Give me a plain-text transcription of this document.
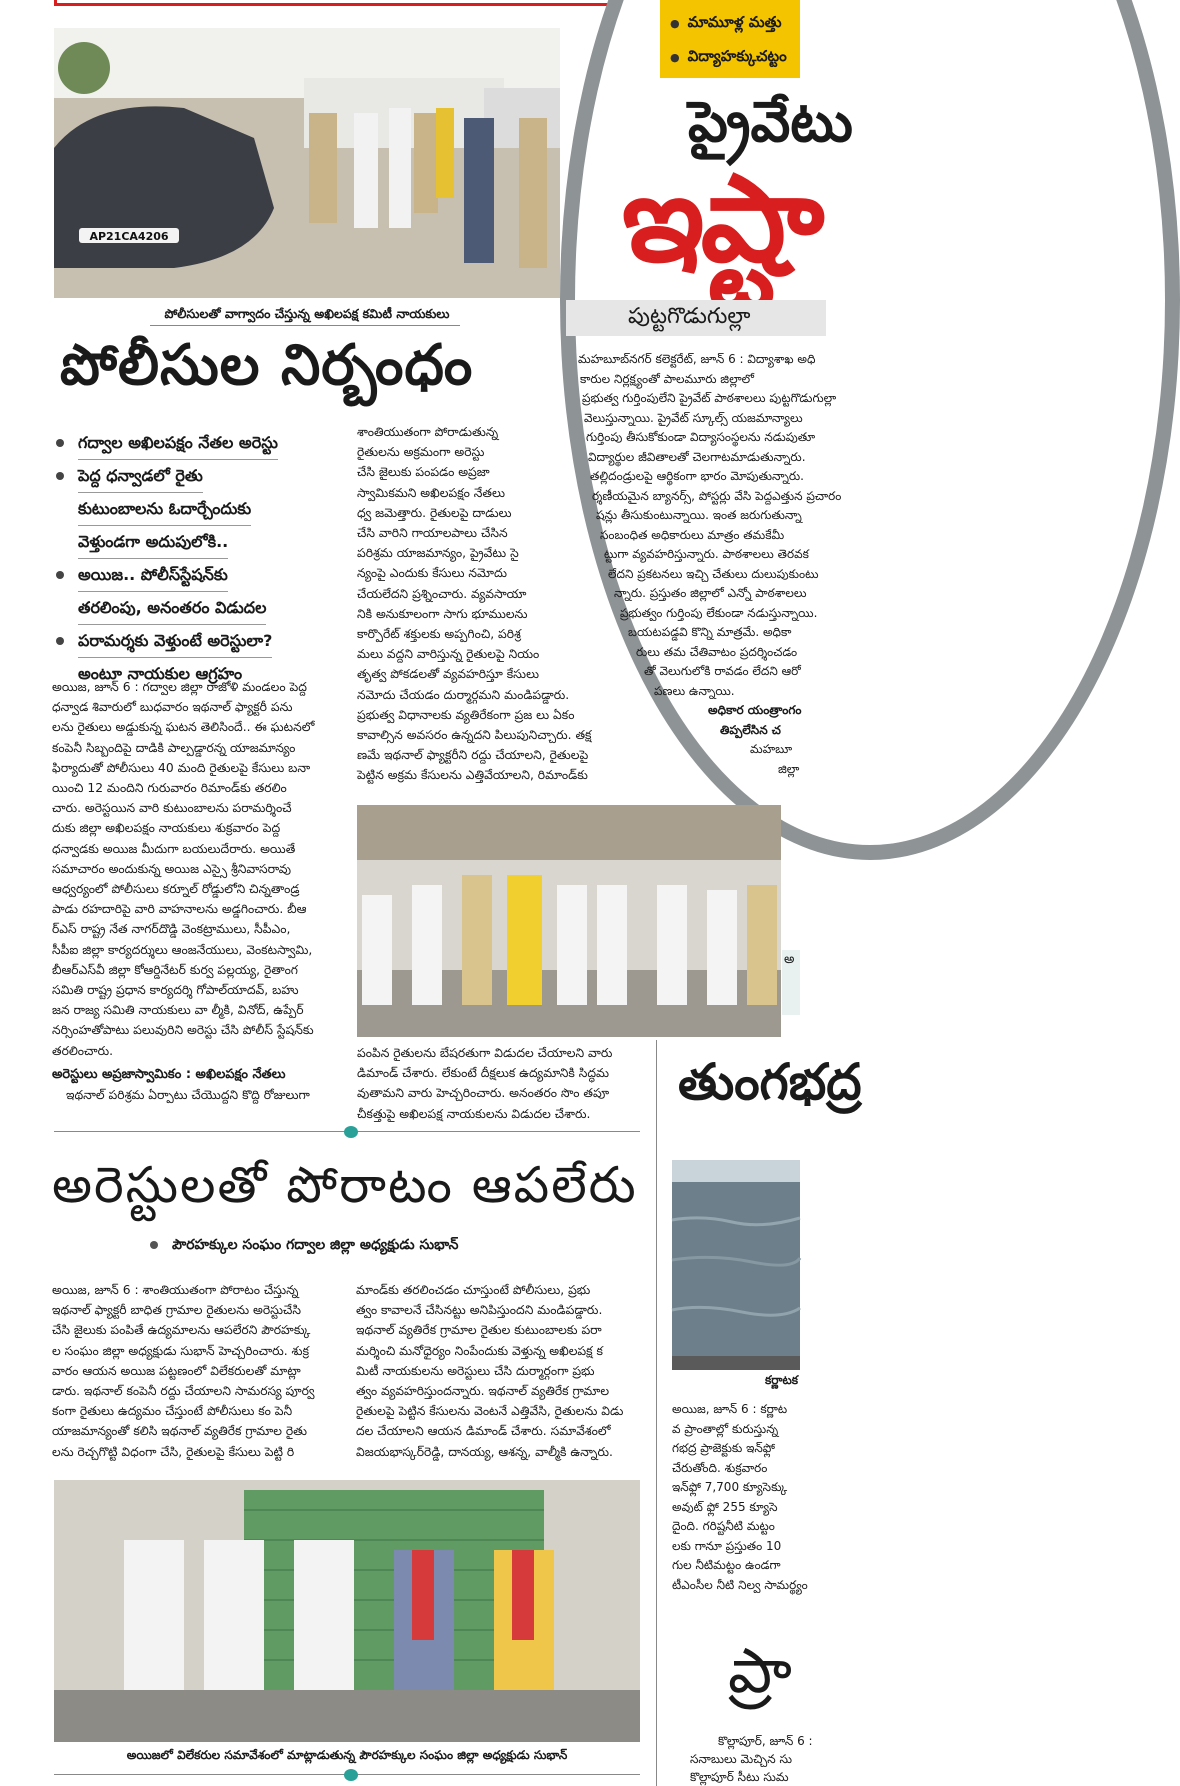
● మామూళ్ల మత్తు
● విద్యాహక్కుచట్టం
ప్రైవేటు
ఇష్టా
పుట్టగొడుగుల్లా
మహబూబ్‌నగర్‌ కలెక్టరేట్‌, జూన్‌ 6 : విద్యాశాఖ అధి
కారుల నిర్లక్ష్యంతో పాలమూరు జిల్లాలో
ప్రభుత్వ గుర్తింపులేని ప్రైవేట్‌ పాఠశాలలు పుట్టగొడుగుల్లా
వెలుస్తున్నాయి. ప్రైవేట్‌ స్కూల్స్‌ యజమాన్యాలు
గుర్తింపు తీసుకోకుండా విద్యాసంస్థలను నడుపుతూ
విద్యార్థుల జీవితాలతో చెలగాటమాడుతున్నారు.
తల్లిదండ్రులపై ఆర్థికంగా భారం మోపుతున్నారు.
ర్శణీయమైన బ్యానర్స్‌, పోస్టర్లు వేసి పెద్దఎత్తున ప్రచారం
షన్లు తీసుకుంటున్నాయి. ఇంత జరుగుతున్నా
సంబంధిత అధికారులు మాత్రం తమకేమీ
ట్టుగా వ్యవహరిస్తున్నారు. పాఠశాలలు తెరవక
లేదని ప్రకటనలు ఇచ్చి చేతులు దులుపుకుంటు
న్నారు. ప్రస్తుతం జిల్లాలో ఎన్నో పాఠశాలలు
ప్రభుత్వం గుర్తింపు లేకుండా నడుస్తున్నాయి.
బయటపడ్డవి కొన్ని మాత్రమే. అధికా
రులు తమ చేతివాటం ప్రదర్శించడం
తో వెలుగులోకి రావడం లేదని ఆరో
పణలు ఉన్నాయి.
అధికార యంత్రాంగం
తిప్పలేసిన చ
మహబూ
జిల్లా
అ
తుంగభద్ర
కర్ణాటక
అయిజ, జూన్‌ 6 : కర్ణాట
వ ప్రాంతాల్లో కురుస్తున్న
గభద్ర ప్రాజెక్టుకు ఇన్‌ఫ్లో
చేరుతోంది. శుక్రవారం
ఇన్‌ఫ్లో 7,700 క్యూసెక్కు
అవుట్‌ ఫ్లో 255 క్యూసె
దైంది. గరిష్టనీటి మట్టం
లకు గానూ ప్రస్తుతం 10
గుల నీటిమట్టం ఉండగా
టీఎంసీల నీటి నిల్వ సామర్థ్యం
ప్రా
కొల్లాపూర్‌, జూన్‌ 6 :
సనాబులు మెచ్చిన సు
కొల్లాపూర్‌ సీటు సుమ
AP21CA4206
పోలీసులతో వాగ్వాదం చేస్తున్న అఖిలపక్ష కమిటీ నాయకులు
పోలీసుల నిర్బంధం
గద్వాల అఖిలపక్షం నేతల అరెస్టు
పెద్ద ధన్వాడలో రైతు
కుటుంబాలను ఓదార్చేందుకు
వెళ్తుండగా అదుపులోకి..
అయిజ.. పోలీస్‌స్టేషన్‌కు
తరలింపు, అనంతరం విడుదల
పరామర్శకు వెళ్తుంటే అరెస్టులా?
అంటూ నాయకుల ఆగ్రహం
అయిజ, జూన్‌ 6 : గద్వాల జిల్లా రాజోళి మండలం పెద్ద
ధన్వాడ శివారులో బుధవారం ఇథనాల్‌ ఫ్యాక్టరీ పను
లను రైతులు అడ్డుకున్న ఘటన తెలిసిందే.. ఈ ఘటనలో
కంపెనీ సిబ్బందిపై దాడికి పాల్పడ్డారన్న యాజమాన్యం
ఫిర్యాదుతో పోలీసులు 40 మంది రైతులపై కేసులు బనా
యించి 12 మందిని గురువారం రిమాండ్‌కు తరలిం
చారు. అరెస్టయిన వారి కుటుంబాలను పరామర్శించే
దుకు జిల్లా అఖిలపక్షం నాయకులు శుక్రవారం పెద్ద
ధన్వాడకు అయిజ మీదుగా బయలుదేరారు. అయితే
సమాచారం అందుకున్న అయిజ ఎస్సై శ్రీనివాసరావు
ఆధ్వర్యంలో పోలీసులు కర్నూల్‌ రోడ్డులోని చిన్నతాండ్ర
పాడు రహదారిపై వారి వాహనాలను అడ్డగించారు. బీఆ
ర్‌ఎస్‌ రాష్ట్ర నేత నాగర్‌దొడ్డి వెంకట్రాములు, సీపీఎం,
సీపీఐ జిల్లా కార్యదర్శులు ఆంజనేయులు, వెంకటస్వామి,
బీఆర్‌ఎస్‌వీ జిల్లా కోఆర్డినేటర్‌ కుర్వ పల్లయ్య, రైతాంగ
సమితి రాష్ట్ర ప్రధాన కార్యదర్శి గోపాల్‌యాదవ్‌, బహు
జన రాజ్య సమితి నాయకులు వా ల్మీకి, వినోద్‌, ఉప్పేర్‌
నర్సింహతోపాటు పలువురిని అరెస్టు చేసి పోలీస్‌ స్టేషన్‌కు
తరలించారు.
అరెస్టులు అప్రజాస్వామికం : అఖిలపక్షం నేతలు
ఇథనాల్‌ పరిశ్రమ ఏర్పాటు చేయొద్దని కొద్ది రోజులుగా
శాంతియుతంగా పోరాడుతున్న
రైతులను అక్రమంగా అరెస్టు
చేసి జైలుకు పంపడం అప్రజా
స్వామికమని అఖిలపక్షం నేతలు
ధ్వ జమెత్తారు. రైతులపై దాడులు
చేసి వారిని గాయాలపాలు చేసిన
పరిశ్రమ యాజమాన్యం, ప్రైవేటు సై
న్యంపై ఎందుకు కేసులు నమోదు
చేయలేదని ప్రశ్నించారు. వ్యవసాయా
నికి అనుకూలంగా సాగు భూములను
కార్పొరేట్‌ శక్తులకు అప్పగించి, పరిశ్ర
మలు వద్దని వారిస్తున్న రైతులపై నియం
తృత్వ పోకడలతో వ్యవహరిస్తూ కేసులు
నమోదు చేయడం దుర్మార్గమని మండిపడ్డారు.
ప్రభుత్వ విధానాలకు వ్యతిరేకంగా ప్రజ లు ఏకం
కావాల్సిన అవసరం ఉన్నదని పిలుపునిచ్చారు. తక్ష
ణమే ఇథనాల్‌ ఫ్యాక్టరీని రద్దు చేయాలని, రైతులపై
పెట్టిన అక్రమ కేసులను ఎత్తివేయాలని, రిమాండ్‌కు
పంపిన రైతులను బేషరతుగా విడుదల చేయాలని వారు
డిమాండ్‌ చేశారు. లేకుంటే దీక్షలుక ఉద్యమానికి సిద్ధమ
వుతామని వారు హెచ్చరించారు. అనంతరం సొం తపూ
చీకత్తుపై అఖిలపక్ష నాయకులను విడుదల చేశారు.
అరెస్టులతో పోరాటం ఆపలేరు
పౌరహక్కుల సంఘం గద్వాల జిల్లా అధ్యక్షుడు సుభాన్‌
అయిజ, జూన్‌ 6 : శాంతియుతంగా పోరాటం చేస్తున్న
ఇథనాల్‌ ఫ్యాక్టరీ బాధిత గ్రామాల రైతులను అరెస్టుచేసి
చేసి జైలుకు పంపితే ఉద్యమాలను ఆపలేరని పౌరహక్కు
ల సంఘం జిల్లా అధ్యక్షుడు సుభాన్‌ హెచ్చరించారు. శుక్ర
వారం ఆయన అయిజ పట్టణంలో విలేకరులతో మాట్లా
డారు. ఇథనాల్‌ కంపెనీ రద్దు చేయాలని సామరస్య పూర్వ
కంగా రైతులు ఉద్యమం చేస్తుంటే పోలీసులు కం పెనీ
యాజమాన్యంతో కలిసి ఇథనాల్‌ వ్యతిరేక గ్రామాల రైతు
లను రెచ్చగొట్టి విధంగా చేసి, రైతులపై కేసులు పెట్టి రి
మాండ్‌కు తరలించడం చూస్తుంటే పోలీసులు, ప్రభు
త్వం కావాలనే చేసినట్టు అనిపిస్తుందని మండిపడ్డారు.
ఇథనాల్‌ వ్యతిరేక గ్రామాల రైతుల కుటుంబాలకు పరా
మర్శించి మనోధైర్యం నింపేందుకు వెళ్తున్న అఖిలపక్ష క
మిటీ నాయకులను అరెస్టులు చేసి దుర్మార్గంగా ప్రభు
త్వం వ్యవహరిస్తుందన్నారు. ఇథనాల్‌ వ్యతిరేక గ్రామాల
రైతులపై పెట్టిన కేసులను వెంటనే ఎత్తివేసి, రైతులను విడు
దల చేయాలని ఆయన డిమాండ్‌ చేశారు. సమావేశంలో
విజయభాస్కర్‌రెడ్డి, దానయ్య, ఆశన్న, వాల్మీకి ఉన్నారు.
అయిజలో విలేకరుల సమావేశంలో మాట్లాడుతున్న పౌరహక్కుల సంఘం జిల్లా అధ్యక్షుడు సుభాన్‌
